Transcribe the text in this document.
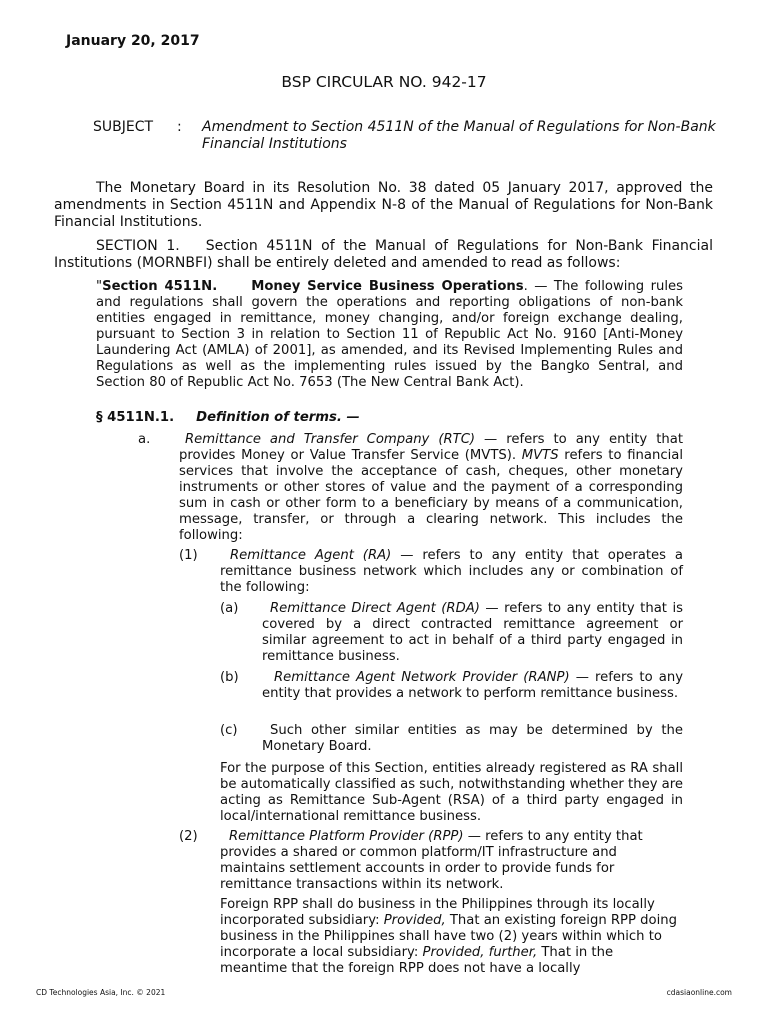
January 20, 2017
BSP CIRCULAR NO. 942-17
SUBJECT : Amendment to Section 4511N of the Manual of Regulations for Non-Bank Financial Institutions
The Monetary Board in its Resolution No. 38 dated 05 January 2017, approved the amendments in Section 4511N and Appendix N-8 of the Manual of Regulations for Non-Bank Financial Institutions.
SECTION 1. Section 4511N of the Manual of Regulations for Non-Bank Financial Institutions (MORNBFI) shall be entirely deleted and amended to read as follows:
"Section 4511N.	Money Service Business Operations. — The following rules and regulations shall govern the operations and reporting obligations of non-bank entities engaged in remittance, money changing, and/or foreign exchange dealing, pursuant to Section 3 in relation to Section 11 of Republic Act No. 9160 [Anti-Money Laundering Act (AMLA) of 2001], as amended, and its Revised Implementing Rules and Regulations as well as the implementing rules issued by the Bangko Sentral, and Section 80 of Republic Act No. 7653 (The New Central Bank Act).
§ 4511N.1. Definition of terms. —
a.	Remittance and Transfer Company (RTC) — refers to any entity that provides Money or Value Transfer Service (MVTS). MVTS refers to financial services that involve the acceptance of cash, cheques, other monetary instruments or other stores of value and the payment of a corresponding sum in cash or other form to a beneficiary by means of a communication, message, transfer, or through a clearing network. This includes the following:
(1)	Remittance Agent (RA) — refers to any entity that operates a remittance business network which includes any or combination of the following:
(a)	Remittance Direct Agent (RDA) — refers to any entity that is covered by a direct contracted remittance agreement or similar agreement to act in behalf of a third party engaged in remittance business.
(b)	Remittance Agent Network Provider (RANP) — refers to any entity that provides a network to perform remittance business.
(c)	Such other similar entities as may be determined by the Monetary Board.
For the purpose of this Section, entities already registered as RA shall be automatically classified as such, notwithstanding whether they are acting as Remittance Sub-Agent (RSA) of a third party engaged in local/international remittance business.
(2)	Remittance Platform Provider (RPP) — refers to any entity that provides a shared or common platform/IT infrastructure and maintains settlement accounts in order to provide funds for remittance transactions within its network.
Foreign RPP shall do business in the Philippines through its locally incorporated subsidiary: Provided, That an existing foreign RPP doing business in the Philippines shall have two (2) years within which to incorporate a local subsidiary: Provided, further, That in the meantime that the foreign RPP does not have a locally
CD Technologies Asia, Inc. © 2021	cdasiaonline.com
